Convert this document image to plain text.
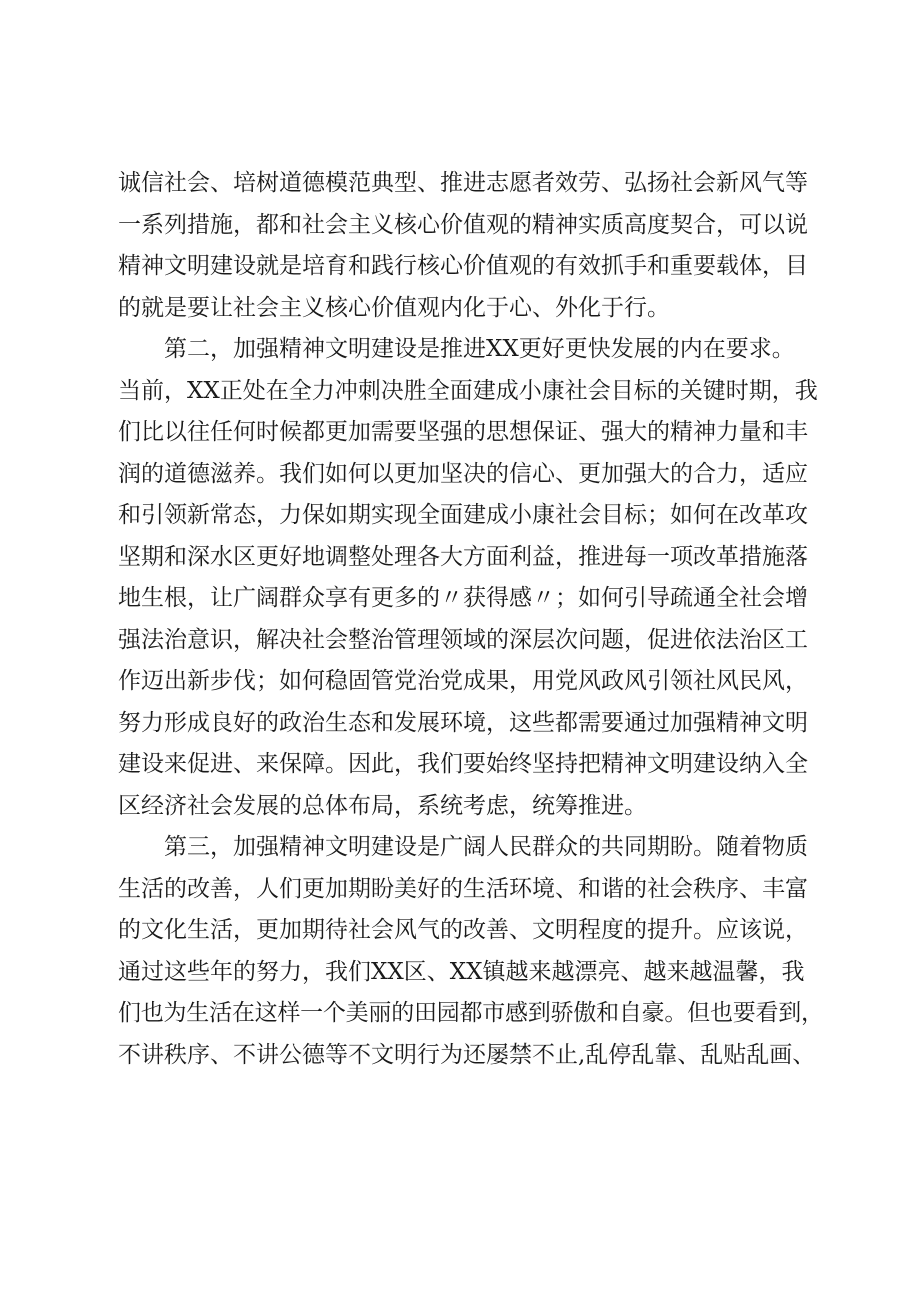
诚信社会、培树道德模范典型、推进志愿者效劳、弘扬社会新风气等
一系列措施，都和社会主义核心价值观的精神实质高度契合，可以说
精神文明建设就是培育和践行核心价值观的有效抓手和重要载体，目
的就是要让社会主义核心价值观内化于心、外化于行。
第二，加强精神文明建设是推进XX更好更快发展的内在要求。
当前，XX正处在全力冲刺决胜全面建成小康社会目标的关键时期，我
们比以往任何时候都更加需要坚强的思想保证、强大的精神力量和丰
润的道德滋养。我们如何以更加坚决的信心、更加强大的合力，适应
和引领新常态，力保如期实现全面建成小康社会目标；如何在改革攻
坚期和深水区更好地调整处理各大方面利益，推进每一项改革措施落
地生根，让广阔群众享有更多的〃获得感〃；如何引导疏通全社会增
强法治意识，解决社会整治管理领域的深层次问题，促进依法治区工
作迈出新步伐；如何稳固管党治党成果，用党风政风引领社风民风，
努力形成良好的政治生态和发展环境，这些都需要通过加强精神文明
建设来促进、来保障。因此，我们要始终坚持把精神文明建设纳入全
区经济社会发展的总体布局，系统考虑，统筹推进。
第三，加强精神文明建设是广阔人民群众的共同期盼。随着物质
生活的改善，人们更加期盼美好的生活环境、和谐的社会秩序、丰富
的文化生活，更加期待社会风气的改善、文明程度的提升。应该说，
通过这些年的努力，我们XX区、XX镇越来越漂亮、越来越温馨，我
们也为生活在这样一个美丽的田园都市感到骄傲和自豪。但也要看到，
不讲秩序、不讲公德等不文明行为还屡禁不止,乱停乱靠、乱贴乱画、
